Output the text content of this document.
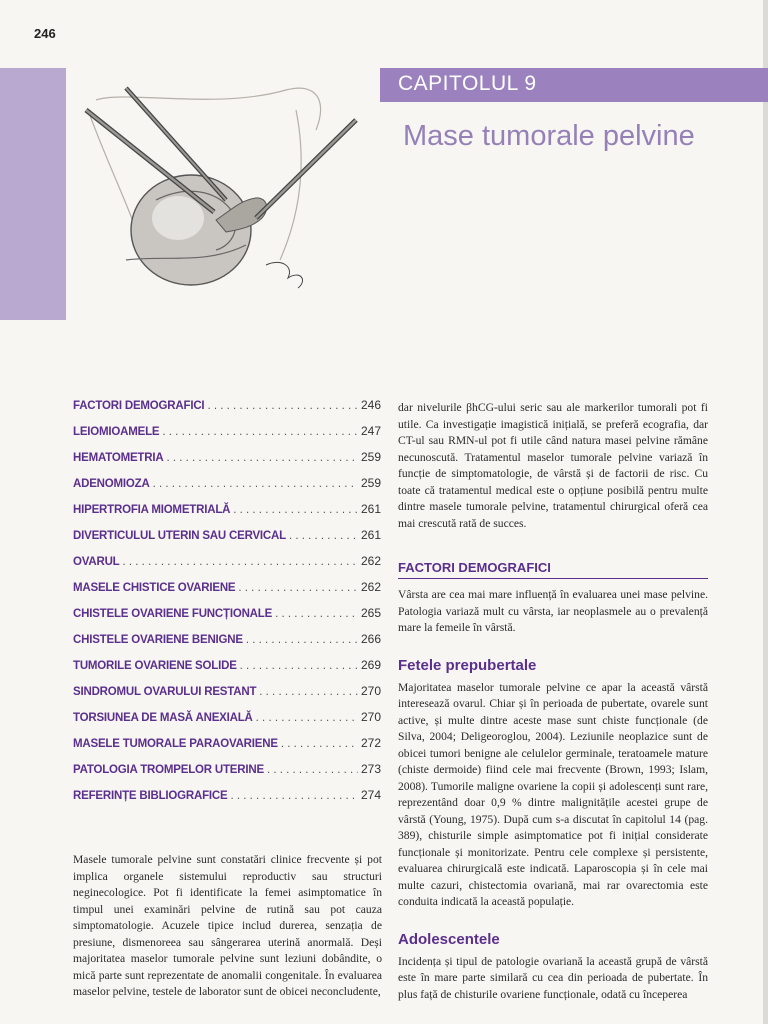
246
CAPITOLUL 9
Mase tumorale pelvine
FACTORI DEMOGRAFICI . . .	246
LEIOMIOAMELE . . .	247
HEMATOMETRIA . . .	259
ADENOMIOZA . . .	259
HIPERTROFIA MIOMETRIALĂ . . .	261
DIVERTICULUL UTERIN SAU CERVICAL . . .	261
OVARUL . . .	262
MASELE CHISTICE OVARIENE . . .	262
CHISTELE OVARIENE FUNCȚIONALE . . .	265
CHISTELE OVARIENE BENIGNE . . .	266
TUMORILE OVARIENE SOLIDE . . .	269
SINDROMUL OVARULUI RESTANT . . .	270
TORSIUNEA DE MASĂ ANEXIALĂ . . .	270
MASELE TUMORALE PARAOVARIENE . . .	272
PATOLOGIA TROMPELOR UTERINE . . .	273
REFERINȚE BIBLIOGRAFICE . . .	274

Masele tumorale pelvine sunt constatări clinice frecvente și pot implica organele sistemului reproductiv sau structuri neginecologice. Pot fi identificate la femei asimptomatice în timpul unei examinări pelvine de rutină sau pot cauza simptomatologie. Acuzele tipice includ durerea, senzația de presiune, dismenoreea sau sângerarea uterină anormală. Deși majoritatea maselor tumorale pelvine sunt leziuni dobândite, o mică parte sunt reprezentate de anomalii congenitale. În evaluarea maselor pelvine, testele de laborator sunt de obicei neconcludente,

dar nivelurile βhCG-ului seric sau ale markerilor tumorali pot fi utile. Ca investigație imagistică inițială, se preferă ecografia, dar CT-ul sau RMN-ul pot fi utile când natura masei pelvine rămâne necunoscută. Tratamentul maselor tumorale pelvine variază în funcție de simptomatologie, de vârstă și de factorii de risc. Cu toate că tratamentul medical este o opțiune posibilă pentru multe dintre masele tumorale pelvine, tratamentul chirurgical oferă cea mai crescută rată de succes.

FACTORI DEMOGRAFICI

Vârsta are cea mai mare influență în evaluarea unei mase pelvine. Patologia variază mult cu vârsta, iar neoplasmele au o prevalență mare la femeile în vârstă.

Fetele prepubertale

Majoritatea maselor tumorale pelvine ce apar la această vârstă interesează ovarul. Chiar și în perioada de pubertate, ovarele sunt active, și multe dintre aceste mase sunt chiste funcționale (de Silva, 2004; Deligeoroglou, 2004). Leziunile neoplazice sunt de obicei tumori benigne ale celulelor germinale, teratoamele mature (chiste dermoide) fiind cele mai frecvente (Brown, 1993; Islam, 2008). Tumorile maligne ovariene la copii și adolescenți sunt rare, reprezentând doar 0,9 % dintre malignitățile acestei grupe de vârstă (Young, 1975). După cum s-a discutat în capitolul 14 (pag. 389), chisturile simple asimptomatice pot fi inițial considerate funcționale și monitorizate. Pentru cele complexe și persistente, evaluarea chirurgicală este indicată. Laparoscopia și în cele mai multe cazuri, chistectomia ovariană, mai rar ovarectomia este conduita indicată la această populație.

Adolescentele

Incidența și tipul de patologie ovariană la această grupă de vârstă este în mare parte similară cu cea din perioada de pubertate. În plus față de chisturile ovariene funcționale, odată cu începerea
